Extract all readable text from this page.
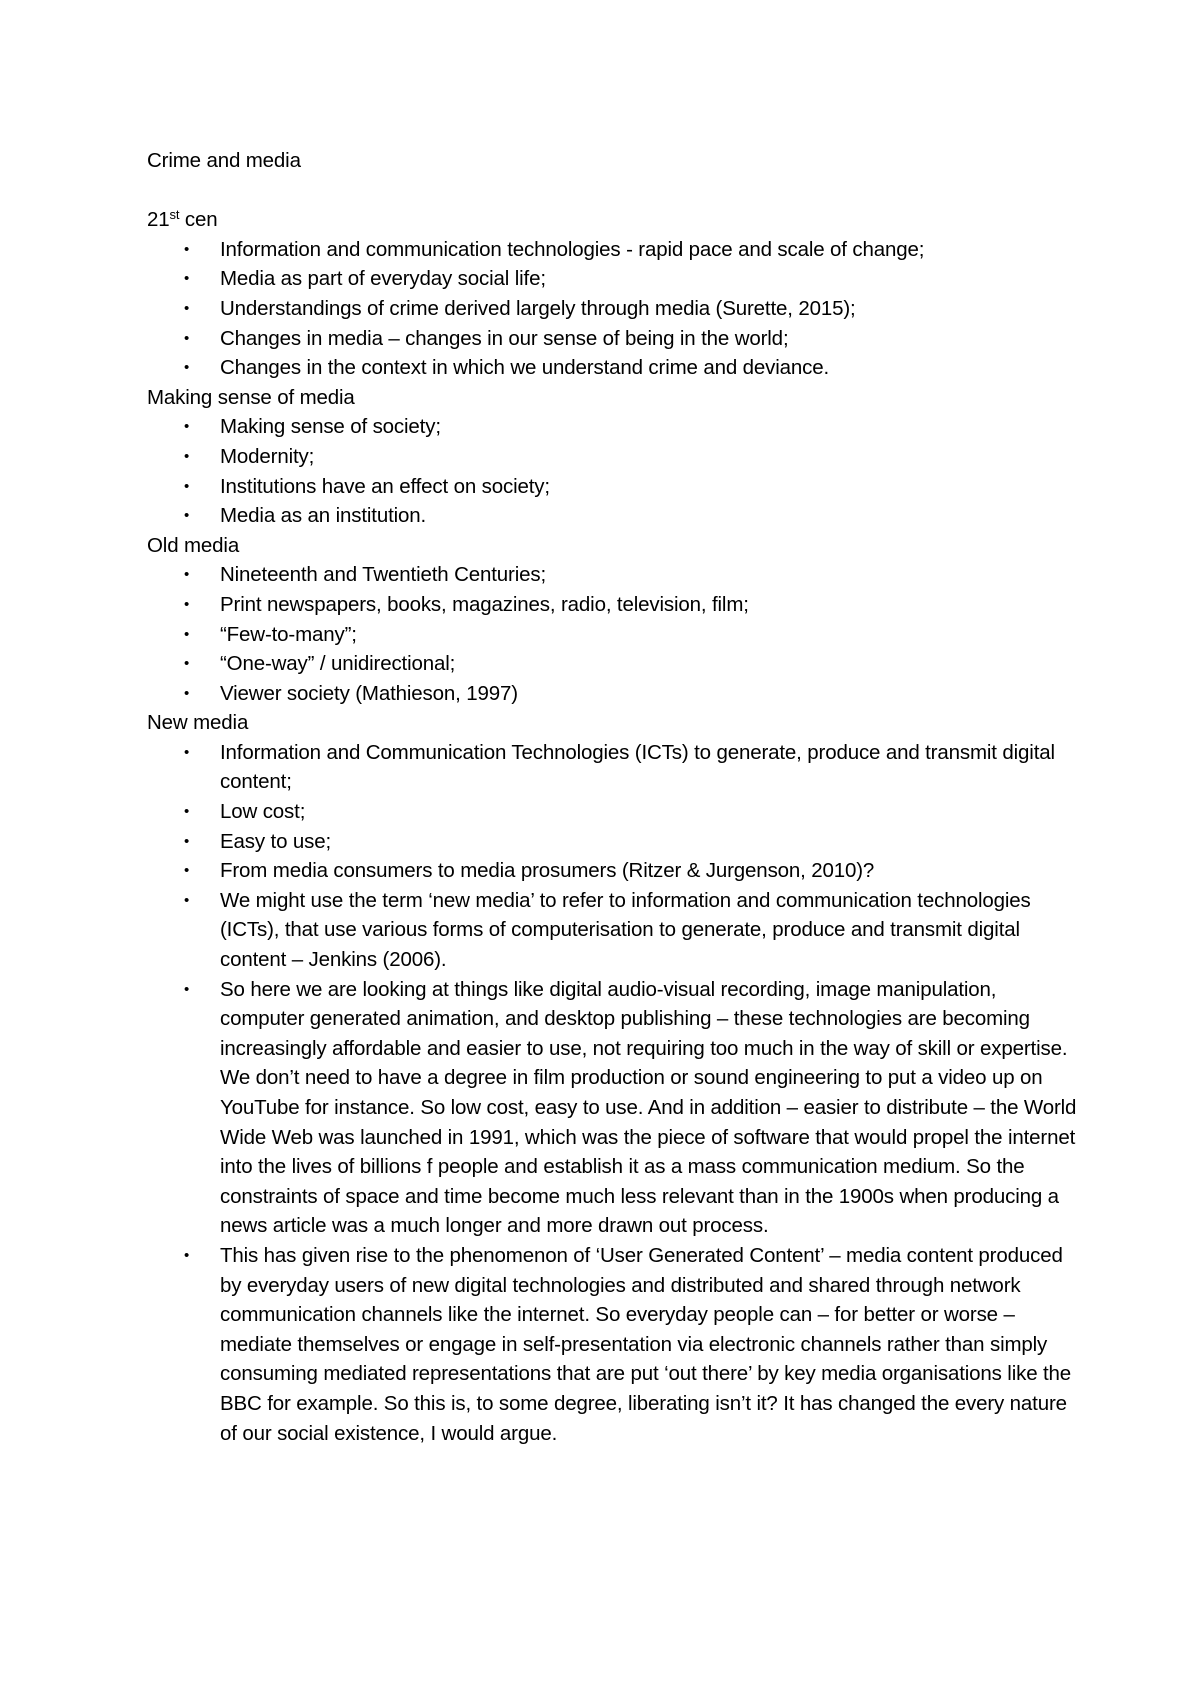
Crime and media

21st cen

• Information and communication technologies - rapid pace and scale of change;
• Media as part of everyday social life;
• Understandings of crime derived largely through media (Surette, 2015);
• Changes in media – changes in our sense of being in the world;
• Changes in the context in which we understand crime and deviance.

Making sense of media

• Making sense of society;
• Modernity;
• Institutions have an effect on society;
• Media as an institution.

Old media

• Nineteenth and Twentieth Centuries;
• Print newspapers, books, magazines, radio, television, film;
• “Few-to-many”;
• “One-way” / unidirectional;
• Viewer society (Mathieson, 1997)

New media

• Information and Communication Technologies (ICTs) to generate, produce and transmit digital content;
• Low cost;
• Easy to use;
• From media consumers to media prosumers (Ritzer & Jurgenson, 2010)?
• We might use the term ‘new media’ to refer to information and communication technologies (ICTs), that use various forms of computerisation to generate, produce and transmit digital content – Jenkins (2006).
• So here we are looking at things like digital audio-visual recording, image manipulation, computer generated animation, and desktop publishing – these technologies are becoming increasingly affordable and easier to use, not requiring too much in the way of skill or expertise. We don’t need to have a degree in film production or sound engineering to put a video up on YouTube for instance. So low cost, easy to use. And in addition – easier to distribute – the World Wide Web was launched in 1991, which was the piece of software that would propel the internet into the lives of billions f people and establish it as a mass communication medium. So the constraints of space and time become much less relevant than in the 1900s when producing a news article was a much longer and more drawn out process.
• This has given rise to the phenomenon of ‘User Generated Content’ – media content produced by everyday users of new digital technologies and distributed and shared through network communication channels like the internet. So everyday people can – for better or worse – mediate themselves or engage in self-presentation via electronic channels rather than simply consuming mediated representations that are put ‘out there’ by key media organisations like the BBC for example. So this is, to some degree, liberating isn’t it? It has changed the every nature of our social existence, I would argue.
